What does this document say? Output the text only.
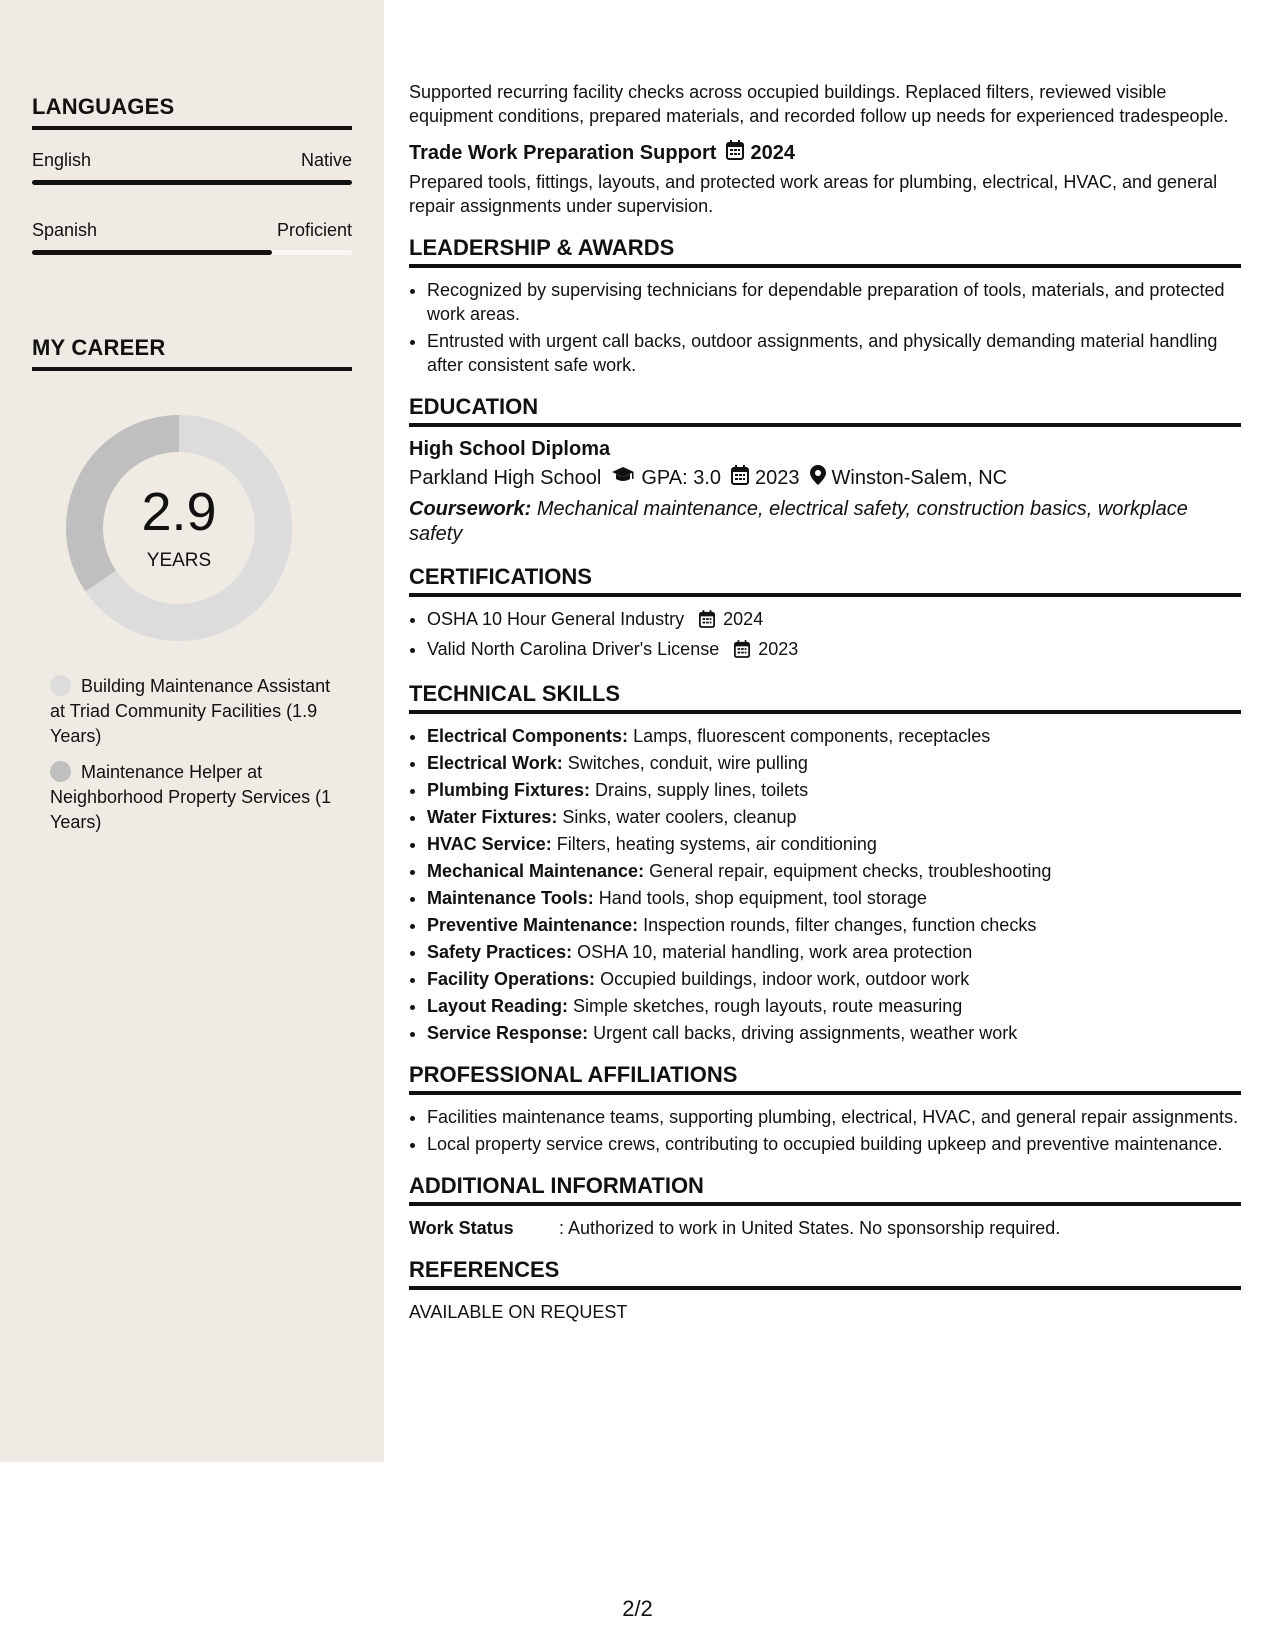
LANGUAGES
English	Native
Spanish	Proficient
MY CAREER
2.9
YEARS
Building Maintenance Assistant at Triad Community Facilities (1.9 Years)
Maintenance Helper at Neighborhood Property Services (1 Years)

Supported recurring facility checks across occupied buildings. Replaced filters, reviewed visible equipment conditions, prepared materials, and recorded follow up needs for experienced tradespeople.

Trade Work Preparation Support 2024

Prepared tools, fittings, layouts, and protected work areas for plumbing, electrical, HVAC, and general repair assignments under supervision.

LEADERSHIP & AWARDS
• Recognized by supervising technicians for dependable preparation of tools, materials, and protected work areas.
• Entrusted with urgent call backs, outdoor assignments, and physically demanding material handling after consistent safe work.
EDUCATION
High School Diploma
Parkland High School GPA: 3.0 2023 Winston-Salem, NC
Coursework: Mechanical maintenance, electrical safety, construction basics, workplace safety
CERTIFICATIONS
• OSHA 10 Hour General Industry 2024
• Valid North Carolina Driver's License 2023
TECHNICAL SKILLS
• Electrical Components: Lamps, fluorescent components, receptacles
• Electrical Work: Switches, conduit, wire pulling
• Plumbing Fixtures: Drains, supply lines, toilets
• Water Fixtures: Sinks, water coolers, cleanup
• HVAC Service: Filters, heating systems, air conditioning
• Mechanical Maintenance: General repair, equipment checks, troubleshooting
• Maintenance Tools: Hand tools, shop equipment, tool storage
• Preventive Maintenance: Inspection rounds, filter changes, function checks
• Safety Practices: OSHA 10, material handling, work area protection
• Facility Operations: Occupied buildings, indoor work, outdoor work
• Layout Reading: Simple sketches, rough layouts, route measuring
• Service Response: Urgent call backs, driving assignments, weather work
PROFESSIONAL AFFILIATIONS
• Facilities maintenance teams, supporting plumbing, electrical, HVAC, and general repair assignments.
• Local property service crews, contributing to occupied building upkeep and preventive maintenance.
ADDITIONAL INFORMATION
Work Status	: Authorized to work in United States. No sponsorship required.
REFERENCES
AVAILABLE ON REQUEST
2/2
